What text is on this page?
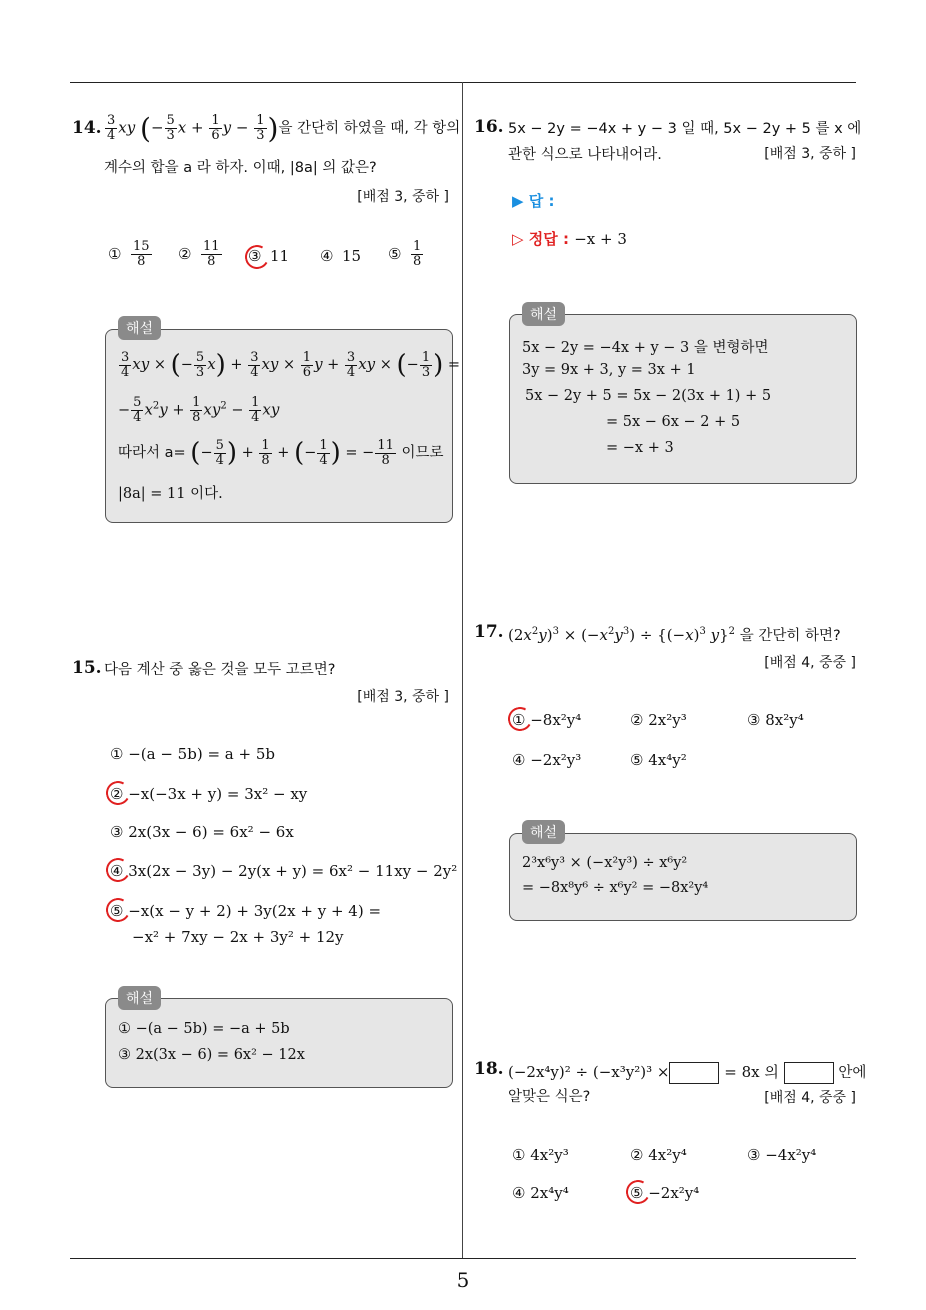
14. $\frac{3}{4}$ xy (− $\frac{5}{3}$ $x + \frac{1}{6}$ $y - \frac{1}{3}$ )을 간단히 하였을 때, 각 항의
계수의 합을 a 라 하자. 이때, |8a| 의 값은?
[배점 3, 중하 ]
① $\frac{15}{8}$ ② $\frac{11}{8}$ ③ 11 ④ 15 ⑤ $\frac{1}{8}$
해설
$\frac{3}{4}$ xy × (− $\frac{5}{3} x) + \frac{3}{4}$ xy × $\frac{1}{6}$ $y + \frac{3}{4}$ xy × (− $\frac{1}{3}$ ) =
− $\frac{5}{4} x^2y + \frac{1}{8} xy^2 - \frac{1}{4}$ xy
따라서 a= (− $\frac{5}{4}$ ) + $\frac{1}{8}$ + (− $\frac{1}{4}$ ) = − $\frac{11}{8}$ 이므로
|8a| = 11 이다.
15. 다음 계산 중 옳은 것을 모두 고르면?
[배점 3, 중하 ]
① −(a − 5b) = a + 5b
② −x(−3x + y) = 3x² − xy
③ 2x(3x − 6) = 6x² − 6x
④ 3x(2x − 3y) − 2y(x + y) = 6x² − 11xy − 2y²
⑤ −x(x − y + 2) + 3y(2x + y + 4) =
−x² + 7xy − 2x + 3y² + 12y
해설
① −(a − 5b) = −a + 5b
③ 2x(3x − 6) = 6x² − 12x
16. 5x − 2y = −4x + y − 3 일 때, 5x − 2y + 5 를 x 에
관한 식으로 나타내어라.	[배점 3, 중하 ]
▶ 답 :
▷ 정답 : −x + 3
해설
5x − 2y = −4x + y − 3 을 변형하면
3y = 9x + 3, y = 3x + 1
5x − 2y + 5 = 5x − 2(3x + 1) + 5
= 5x − 6x − 2 + 5
= −x + 3
17. $(2x^2y)^3 \times (-x^2y^3) \div \{(-x)^3$ y}$^2$ 을 간단히 하면?
[배점 4, 중중 ]
① −8x²y⁴	② 2x²y³	③ 8x²y⁴
④ −2x²y³	⑤ 4x⁴y²
해설
2³x⁶y³ × (−x²y³) ÷ x⁶y²
= −8x⁸y⁶ ÷ x⁶y² = −8x²y⁴
18. (−2x⁴y)² ÷ (−x³y²)³ ×	= 8x 의	안에
알맞은 식은?	[배점 4, 중중 ]
① 4x²y³	② 4x²y⁴	③ −4x²y⁴
④ 2x⁴y⁴	⑤ −2x²y⁴
5
